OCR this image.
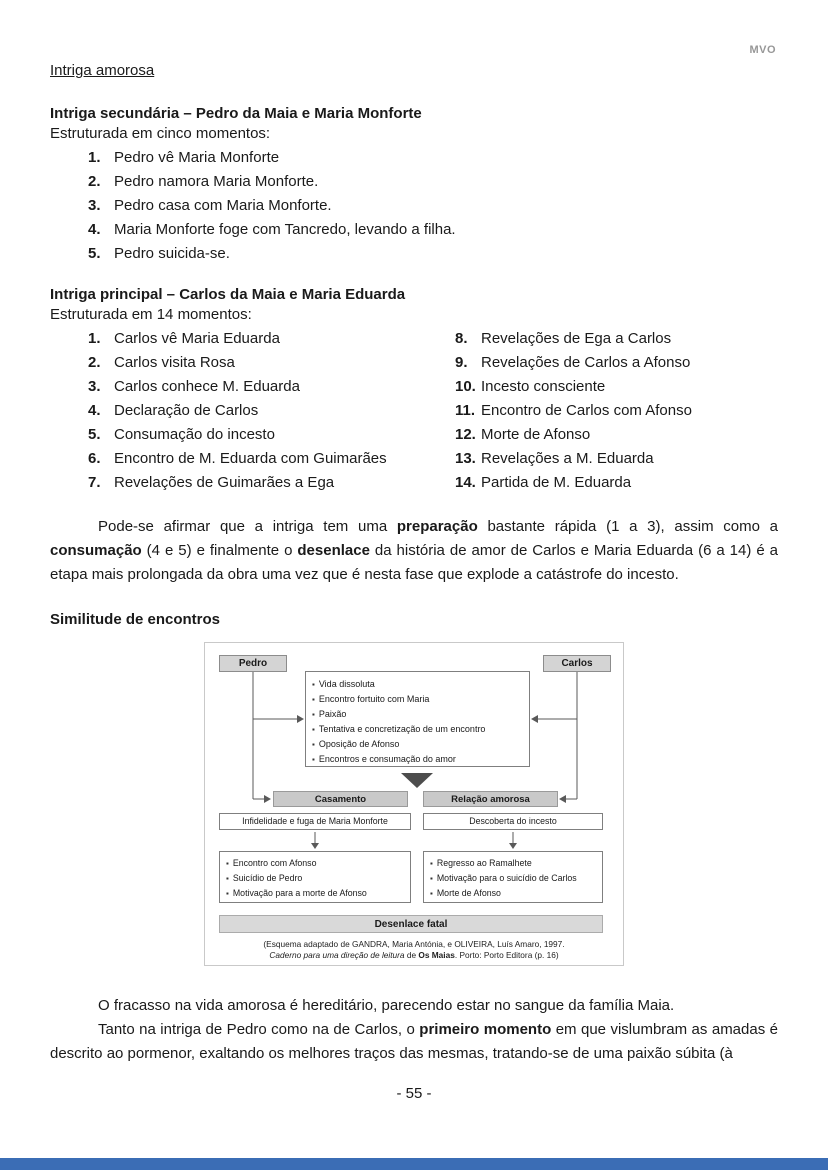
MVO
Intriga amorosa
Intriga secundária – Pedro da Maia e Maria Monforte
Estruturada em cinco momentos:
1. Pedro vê Maria Monforte
2. Pedro namora Maria Monforte.
3. Pedro casa com Maria Monforte.
4. Maria Monforte foge com Tancredo, levando a filha.
5. Pedro suicida-se.
Intriga principal – Carlos da Maia e Maria Eduarda
Estruturada em 14 momentos:
1. Carlos vê Maria Eduarda
2. Carlos visita Rosa
3. Carlos conhece M. Eduarda
4. Declaração de Carlos
5. Consumação do incesto
6. Encontro de M. Eduarda com Guimarães
7. Revelações de Guimarães a Ega
8. Revelações de Ega a Carlos
9. Revelações de Carlos a Afonso
10. Incesto consciente
11. Encontro de Carlos com Afonso
12. Morte de Afonso
13. Revelações a M. Eduarda
14. Partida de M. Eduarda

Pode-se afirmar que a intriga tem uma preparação bastante rápida (1 a 3), assim como a consumação (4 e 5) e finalmente o desenlace da história de amor de Carlos e Maria Eduarda (6 a 14) é a etapa mais prolongada da obra uma vez que é nesta fase que explode a catástrofe do incesto.

Similitude de encontros
Pedro	Carlos
▪ Vida dissoluta
▪ Encontro fortuito com Maria
▪ Paixão
▪ Tentativa e concretização de um encontro
▪ Oposição de Afonso
▪ Encontros e consumação do amor
Casamento	Relação amorosa
Infidelidade e fuga de Maria Monforte	Descoberta do incesto
▪ Encontro com Afonso
▪ Suicídio de Pedro
▪ Motivação para a morte de Afonso
▪ Regresso ao Ramalhete
▪ Motivação para o suicídio de Carlos
▪ Morte de Afonso
Desenlace fatal
(Esquema adaptado de GANDRA, Maria Antónia, e OLIVEIRA, Luís Amaro, 1997.
Caderno para uma direção de leitura de Os Maias. Porto: Porto Editora (p. 16)

O fracasso na vida amorosa é hereditário, parecendo estar no sangue da família Maia.

Tanto na intriga de Pedro como na de Carlos, o primeiro momento em que vislumbram as amadas é descrito ao pormenor, exaltando os melhores traços das mesmas, tratando-se de uma paixão súbita (à

- 55 -
